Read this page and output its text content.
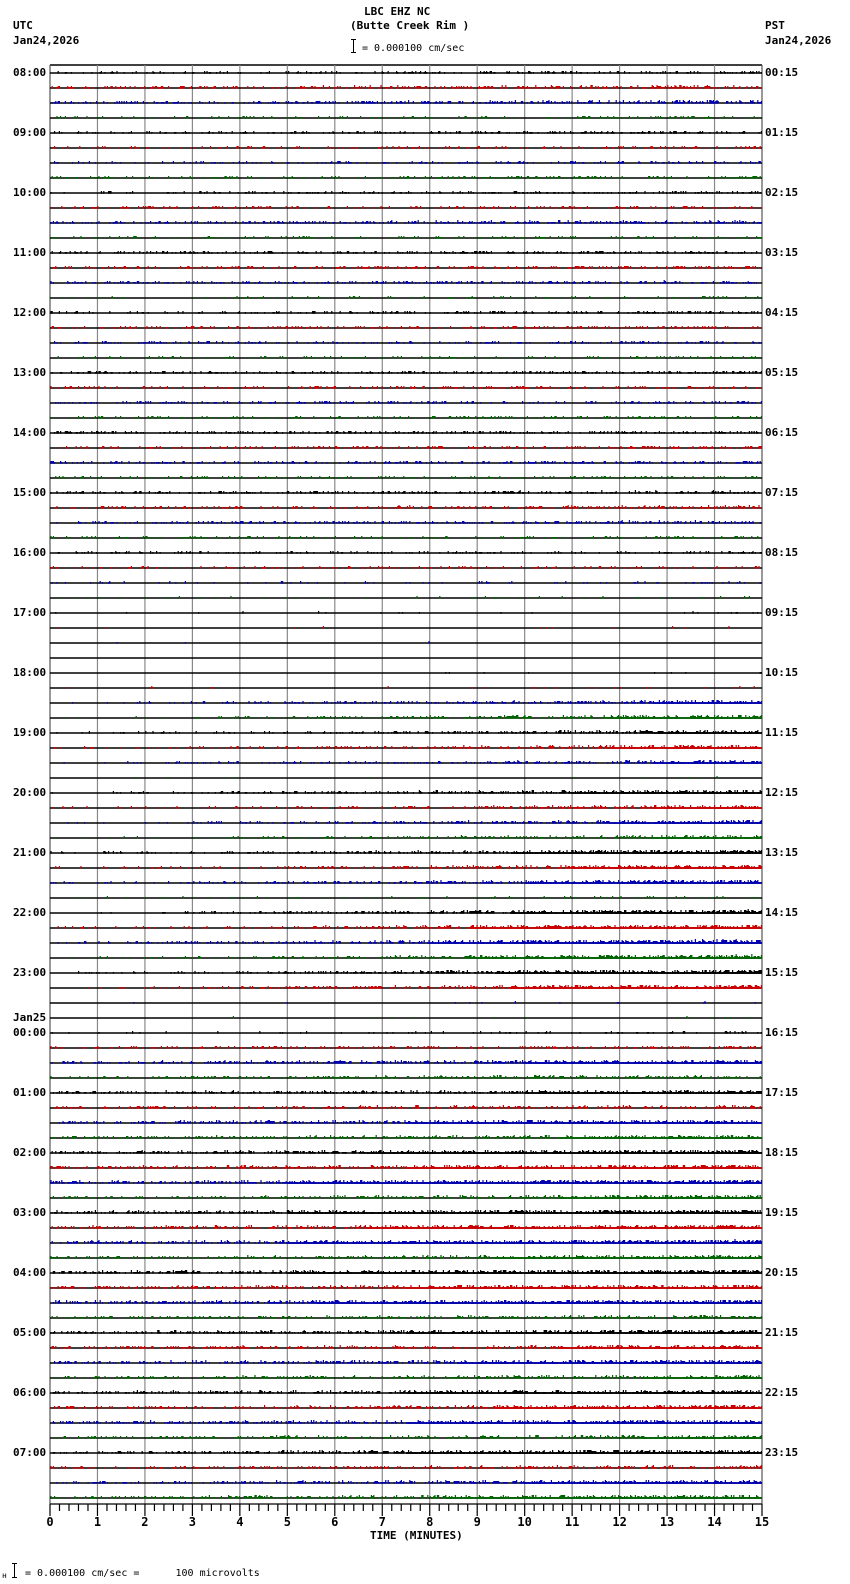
UTC
Jan24,2026
LBC EHZ NC
(Butte Creek Rim )
= 0.000100 cm/sec
PST
Jan24,2026
08:00
09:00
10:00
11:00
12:00
13:00
14:00
15:00
16:00
17:00
18:00
19:00
20:00
21:00
22:00
23:00
00:00
01:00
02:00
03:00
04:00
05:00
06:00
07:00
Jan25
00:15
01:15
02:15
03:15
04:15
05:15
06:15
07:15
08:15
09:15
10:15
11:15
12:15
13:15
14:15
15:15
16:15
17:15
18:15
19:15
20:15
21:15
22:15
23:15
0	1	2	3	4	5	6	7	8	9	10	11	12	13	14	15
TIME (MINUTES)
н = 0.000100 cm/sec =      100 microvolts
